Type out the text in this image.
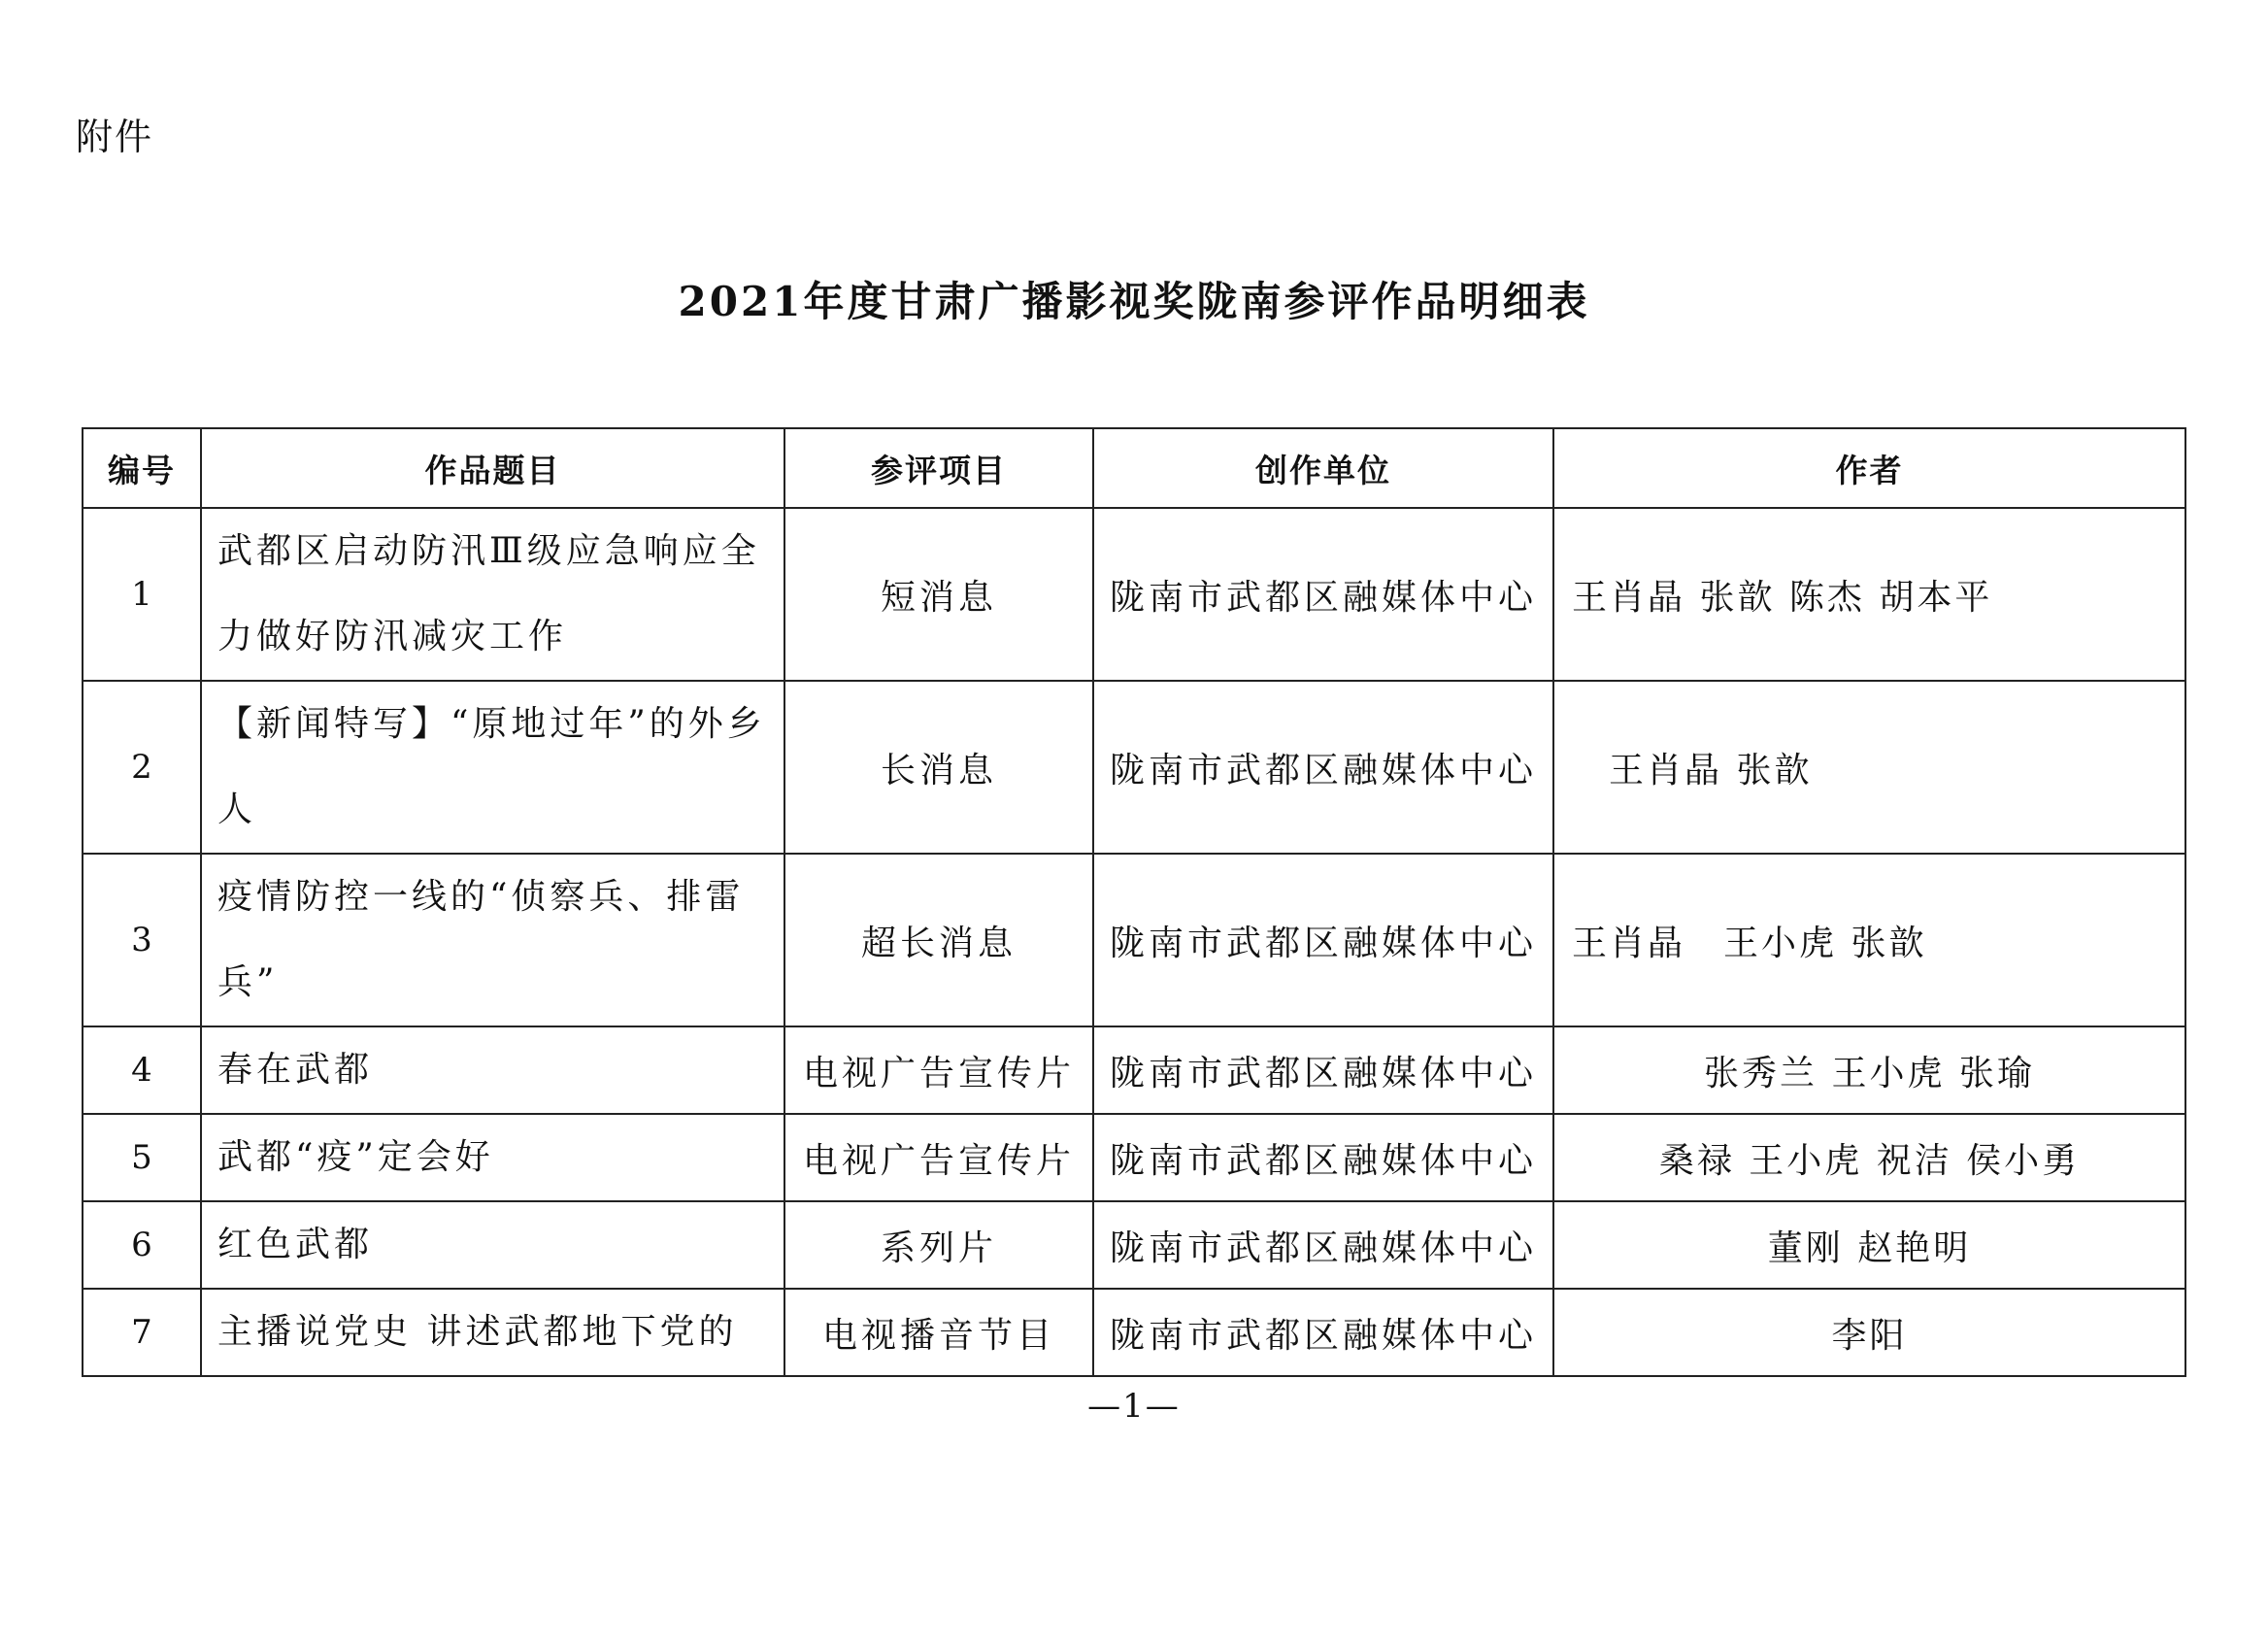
附件
2021年度甘肃广播影视奖陇南参评作品明细表
编号	作品题目	参评项目	创作单位	作者
1	武都区启动防汛Ⅲ级应急响应全力做好防汛减灾工作	短消息	陇南市武都区融媒体中心	王肖晶 张歆 陈杰 胡本平
2	【新闻特写】“原地过年”的外乡人	长消息	陇南市武都区融媒体中心	王肖晶 张歆
3	疫情防控一线的“侦察兵、排雷兵”	超长消息	陇南市武都区融媒体中心	王肖晶　王小虎 张歆
4	春在武都	电视广告宣传片	陇南市武都区融媒体中心	张秀兰 王小虎 张瑜
5	武都“疫”定会好	电视广告宣传片	陇南市武都区融媒体中心	桑禄 王小虎 祝洁 侯小勇
6	红色武都	系列片	陇南市武都区融媒体中心	董刚 赵艳明
7	主播说党史 讲述武都地下党的	电视播音节目	陇南市武都区融媒体中心	李阳
—1—
